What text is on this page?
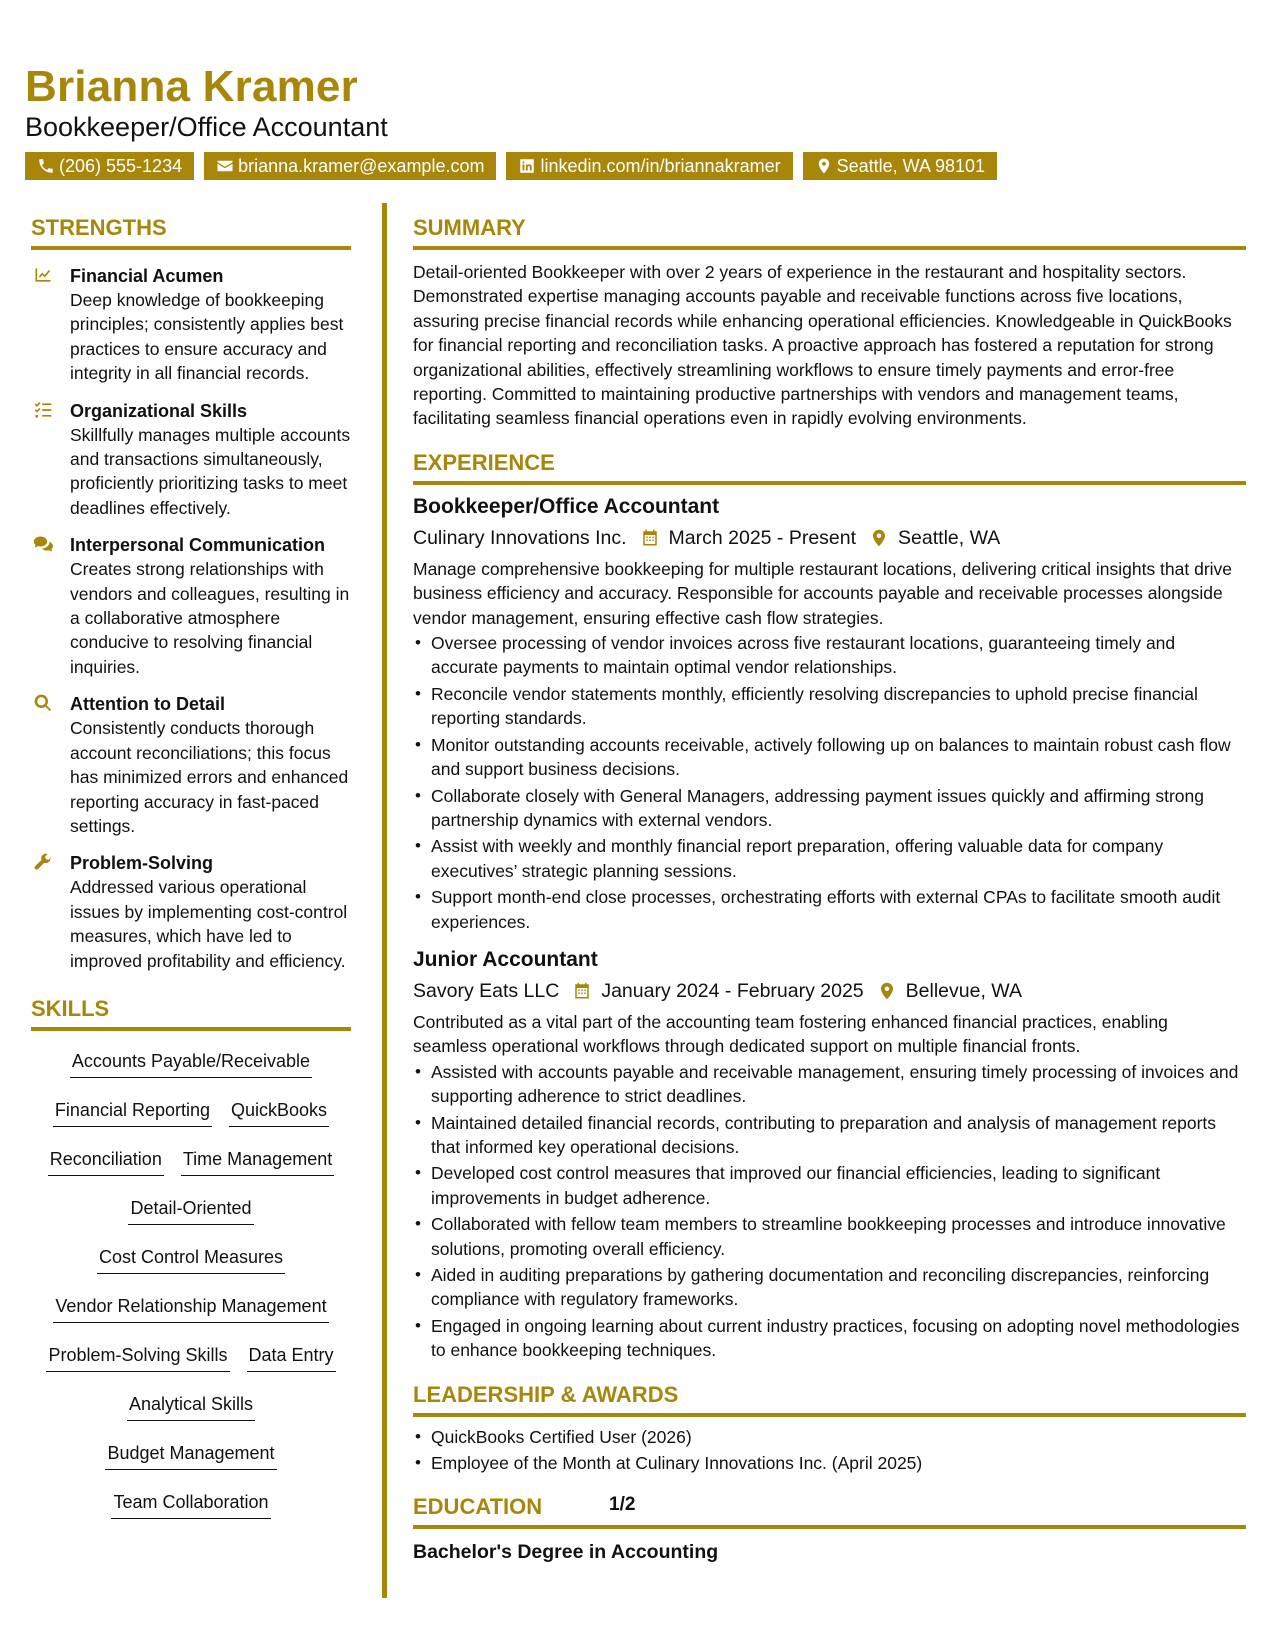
Brianna Kramer
Bookkeeper/Office Accountant
(206) 555-1234	brianna.kramer@example.com	linkedin.com/in/briannakramer	Seattle, WA 98101
STRENGTHS
Financial Acumen
Deep knowledge of bookkeeping principles; consistently applies best practices to ensure accuracy and integrity in all financial records.
Organizational Skills
Skillfully manages multiple accounts and transactions simultaneously, proficiently prioritizing tasks to meet deadlines effectively.
Interpersonal Communication
Creates strong relationships with vendors and colleagues, resulting in a collaborative atmosphere conducive to resolving financial inquiries.
Attention to Detail
Consistently conducts thorough account reconciliations; this focus has minimized errors and enhanced reporting accuracy in fast-paced settings.
Problem-Solving
Addressed various operational issues by implementing cost-control measures, which have led to improved profitability and efficiency.
SKILLS
Accounts Payable/Receivable
Financial Reporting QuickBooks
Reconciliation Time Management
Detail-Oriented
Cost Control Measures
Vendor Relationship Management
Problem-Solving Skills Data Entry
Analytical Skills
Budget Management
Team Collaboration
SUMMARY
Detail-oriented Bookkeeper with over 2 years of experience in the restaurant and hospitality sectors. Demonstrated expertise managing accounts payable and receivable functions across five locations, assuring precise financial records while enhancing operational efficiencies. Knowledgeable in QuickBooks for financial reporting and reconciliation tasks. A proactive approach has fostered a reputation for strong organizational abilities, effectively streamlining workflows to ensure timely payments and error-free reporting. Committed to maintaining productive partnerships with vendors and management teams, facilitating seamless financial operations even in rapidly evolving environments.
EXPERIENCE
Bookkeeper/Office Accountant
Culinary Innovations Inc. March 2025 - Present Seattle, WA
Manage comprehensive bookkeeping for multiple restaurant locations, delivering critical insights that drive business efficiency and accuracy. Responsible for accounts payable and receivable processes alongside vendor management, ensuring effective cash flow strategies.
• Oversee processing of vendor invoices across five restaurant locations, guaranteeing timely and accurate payments to maintain optimal vendor relationships.
• Reconcile vendor statements monthly, efficiently resolving discrepancies to uphold precise financial reporting standards.
• Monitor outstanding accounts receivable, actively following up on balances to maintain robust cash flow and support business decisions.
• Collaborate closely with General Managers, addressing payment issues quickly and affirming strong partnership dynamics with external vendors.
• Assist with weekly and monthly financial report preparation, offering valuable data for company executives’ strategic planning sessions.
• Support month-end close processes, orchestrating efforts with external CPAs to facilitate smooth audit experiences.
Junior Accountant
Savory Eats LLC January 2024 - February 2025 Bellevue, WA
Contributed as a vital part of the accounting team fostering enhanced financial practices, enabling seamless operational workflows through dedicated support on multiple financial fronts.
• Assisted with accounts payable and receivable management, ensuring timely processing of invoices and supporting adherence to strict deadlines.
• Maintained detailed financial records, contributing to preparation and analysis of management reports that informed key operational decisions.
• Developed cost control measures that improved our financial efficiencies, leading to significant improvements in budget adherence.
• Collaborated with fellow team members to streamline bookkeeping processes and introduce innovative solutions, promoting overall efficiency.
• Aided in auditing preparations by gathering documentation and reconciling discrepancies, reinforcing compliance with regulatory frameworks.
• Engaged in ongoing learning about current industry practices, focusing on adopting novel methodologies to enhance bookkeeping techniques.
LEADERSHIP & AWARDS
• QuickBooks Certified User (2026)
• Employee of the Month at Culinary Innovations Inc. (April 2025)
EDUCATION
Bachelor's Degree in Accounting
1/2
